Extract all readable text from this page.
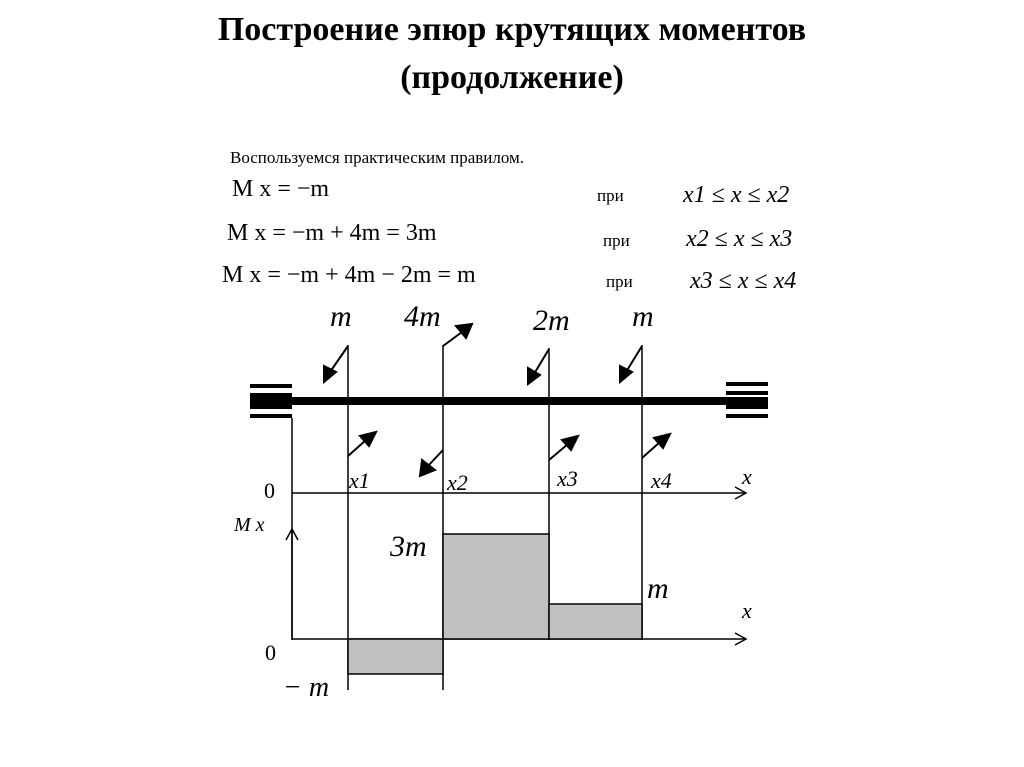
Построение эпюр крутящих моментов
(продолжение)
Воспользуемся практическим правилом.
M x = −m	при x1 ≤ x ≤ x2
M x = −m + 4m = 3m	при x2 ≤ x ≤ x3
M x = −m + 4m − 2m = m	при x3 ≤ x ≤ x4
m 4m	2m m
0
x
x1	x2	x3	x4
M x
x
0
− m
3m
m
